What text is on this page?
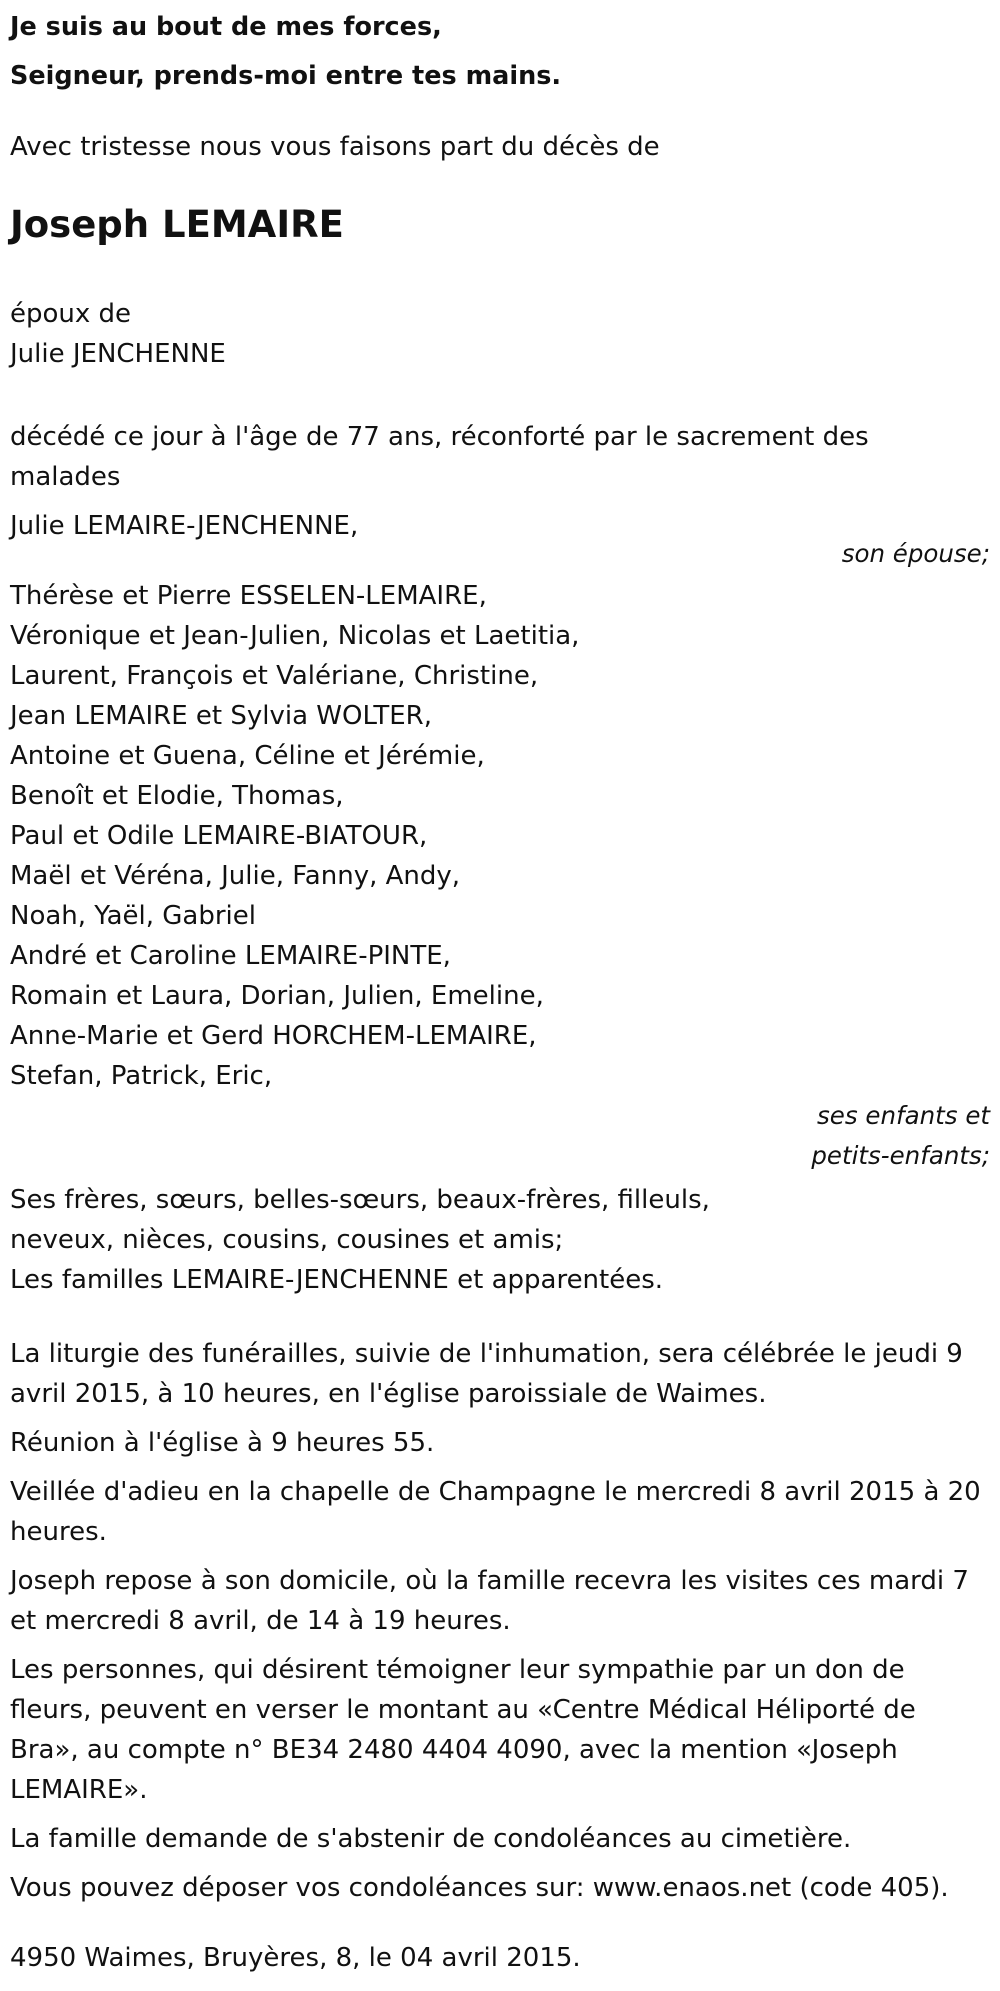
Je suis au bout de mes forces,
Seigneur, prends-moi entre tes mains.
Avec tristesse nous vous faisons part du décès de
Joseph LEMAIRE
époux de
Julie JENCHENNE
décédé ce jour à l'âge de 77 ans, réconforté par le sacrement des malades
Julie LEMAIRE-JENCHENNE,
son épouse;
Thérèse et Pierre ESSELEN-LEMAIRE,
Véronique et Jean-Julien, Nicolas et Laetitia,
Laurent, François et Valériane, Christine,
Jean LEMAIRE et Sylvia WOLTER,
Antoine et Guena, Céline et Jérémie,
Benoît et Elodie, Thomas,
Paul et Odile LEMAIRE-BIATOUR,
Maël et Véréna, Julie, Fanny, Andy,
Noah, Yaël, Gabriel
André et Caroline LEMAIRE-PINTE,
Romain et Laura, Dorian, Julien, Emeline,
Anne-Marie et Gerd HORCHEM-LEMAIRE,
Stefan, Patrick, Eric,
ses enfants et
petits-enfants;
Ses frères, sœurs, belles-sœurs, beaux-frères, filleuls,
neveux, nièces, cousins, cousines et amis;
Les familles LEMAIRE-JENCHENNE et apparentées.
La liturgie des funérailles, suivie de l'inhumation, sera célébrée le jeudi 9
avril 2015, à 10 heures, en l'église paroissiale de Waimes.
Réunion à l'église à 9 heures 55.
Veillée d'adieu en la chapelle de Champagne le mercredi 8 avril 2015 à 20
heures.
Joseph repose à son domicile, où la famille recevra les visites ces mardi 7
et mercredi 8 avril, de 14 à 19 heures.
Les personnes, qui désirent témoigner leur sympathie par un don de
fleurs, peuvent en verser le montant au «Centre Médical Héliporté de
Bra», au compte n° BE34 2480 4404 4090, avec la mention «Joseph
LEMAIRE».
La famille demande de s'abstenir de condoléances au cimetière.
Vous pouvez déposer vos condoléances sur: www.enaos.net (code 405).
4950 Waimes, Bruyères, 8, le 04 avril 2015.
